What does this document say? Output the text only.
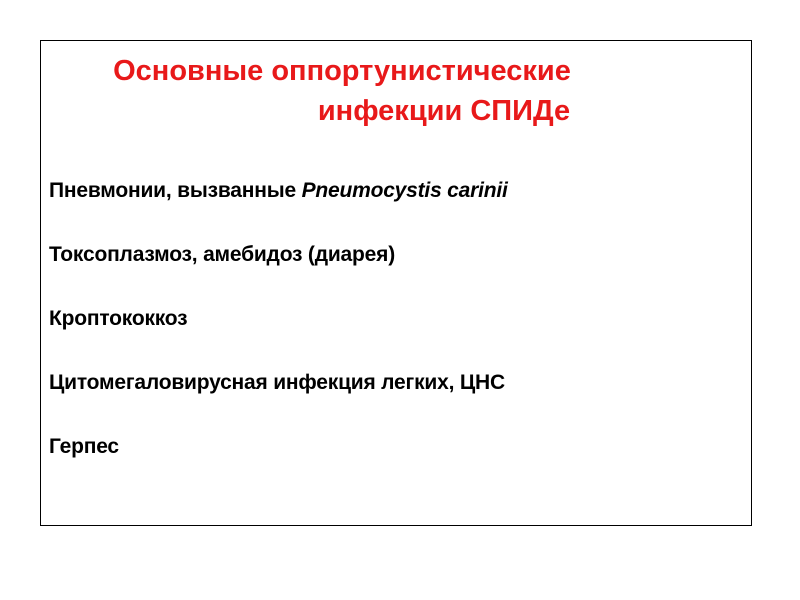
Основные оппортунистические
инфекции СПИДе

Пневмонии, вызванные Pneumocystis carinii

Токсоплазмоз, амебидоз (диарея)

Кроптококкоз

Цитомегаловирусная инфекция легких, ЦНС

Герпес
